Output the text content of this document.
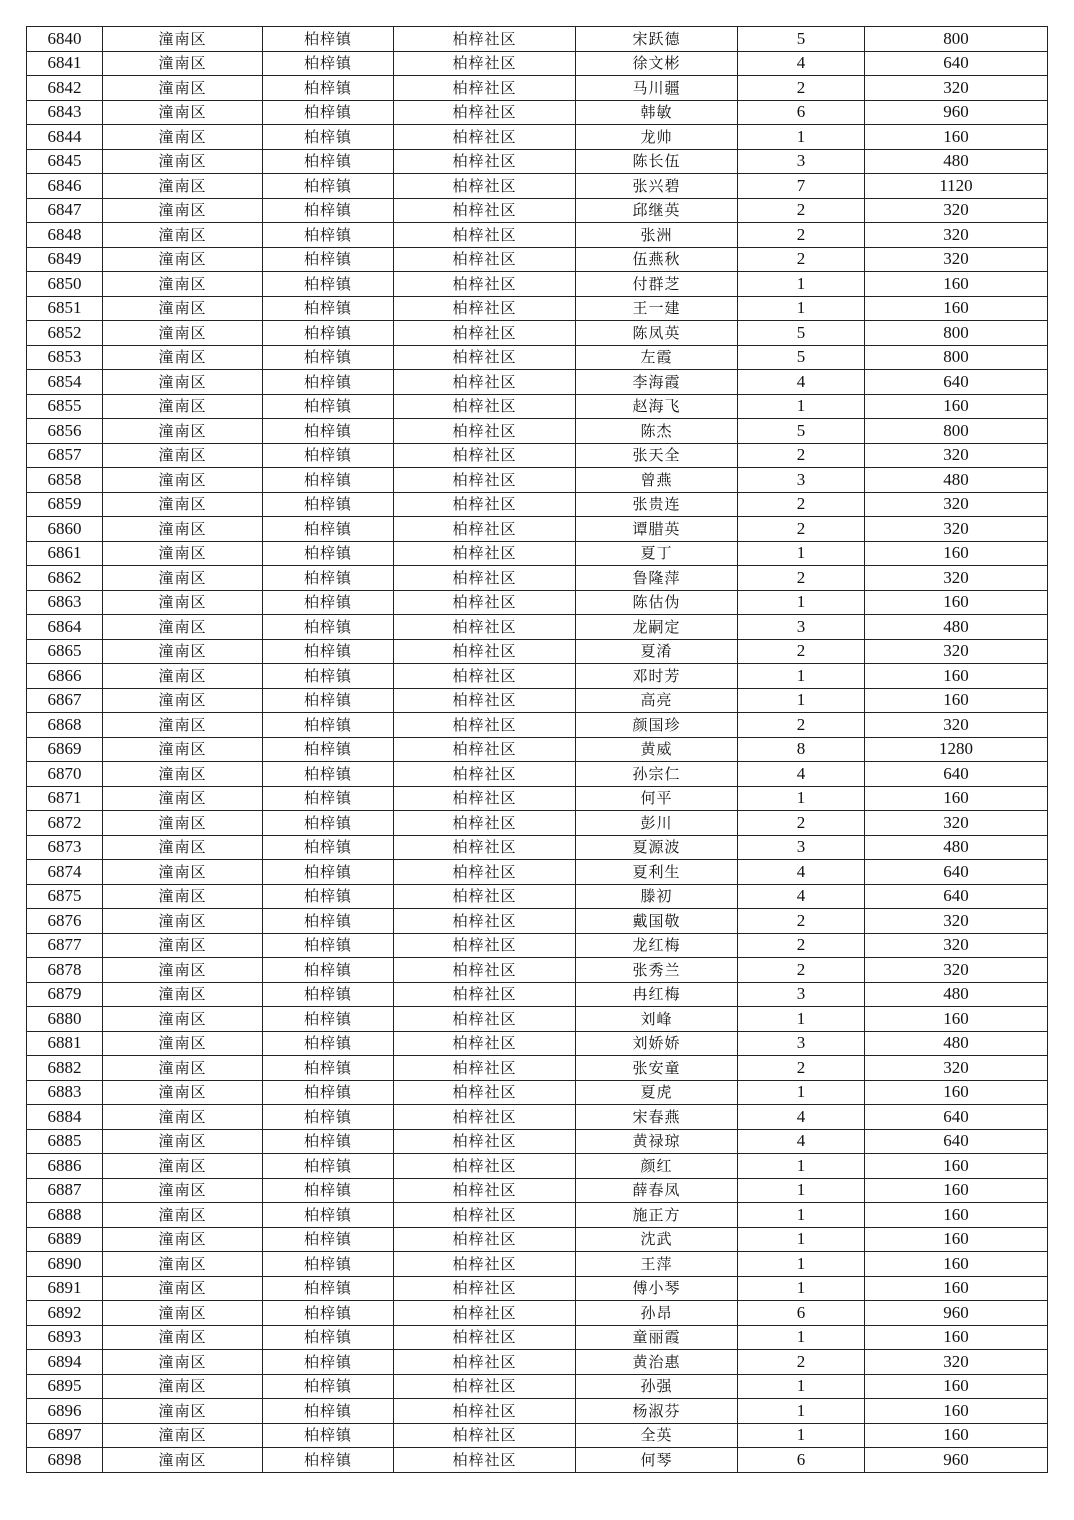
6840	潼南区	柏梓镇	柏梓社区	宋跃德	5	800
6841	潼南区	柏梓镇	柏梓社区	徐文彬	4	640
6842	潼南区	柏梓镇	柏梓社区	马川疆	2	320
6843	潼南区	柏梓镇	柏梓社区	韩敏	6	960
6844	潼南区	柏梓镇	柏梓社区	龙帅	1	160
6845	潼南区	柏梓镇	柏梓社区	陈长伍	3	480
6846	潼南区	柏梓镇	柏梓社区	张兴碧	7	1120
6847	潼南区	柏梓镇	柏梓社区	邱继英	2	320
6848	潼南区	柏梓镇	柏梓社区	张洲	2	320
6849	潼南区	柏梓镇	柏梓社区	伍燕秋	2	320
6850	潼南区	柏梓镇	柏梓社区	付群芝	1	160
6851	潼南区	柏梓镇	柏梓社区	王一建	1	160
6852	潼南区	柏梓镇	柏梓社区	陈凤英	5	800
6853	潼南区	柏梓镇	柏梓社区	左霞	5	800
6854	潼南区	柏梓镇	柏梓社区	李海霞	4	640
6855	潼南区	柏梓镇	柏梓社区	赵海飞	1	160
6856	潼南区	柏梓镇	柏梓社区	陈杰	5	800
6857	潼南区	柏梓镇	柏梓社区	张天全	2	320
6858	潼南区	柏梓镇	柏梓社区	曾燕	3	480
6859	潼南区	柏梓镇	柏梓社区	张贵连	2	320
6860	潼南区	柏梓镇	柏梓社区	谭腊英	2	320
6861	潼南区	柏梓镇	柏梓社区	夏丁	1	160
6862	潼南区	柏梓镇	柏梓社区	鲁隆萍	2	320
6863	潼南区	柏梓镇	柏梓社区	陈估伪	1	160
6864	潼南区	柏梓镇	柏梓社区	龙嗣定	3	480
6865	潼南区	柏梓镇	柏梓社区	夏淆	2	320
6866	潼南区	柏梓镇	柏梓社区	邓时芳	1	160
6867	潼南区	柏梓镇	柏梓社区	高亮	1	160
6868	潼南区	柏梓镇	柏梓社区	颜国珍	2	320
6869	潼南区	柏梓镇	柏梓社区	黄威	8	1280
6870	潼南区	柏梓镇	柏梓社区	孙宗仁	4	640
6871	潼南区	柏梓镇	柏梓社区	何平	1	160
6872	潼南区	柏梓镇	柏梓社区	彭川	2	320
6873	潼南区	柏梓镇	柏梓社区	夏源波	3	480
6874	潼南区	柏梓镇	柏梓社区	夏利生	4	640
6875	潼南区	柏梓镇	柏梓社区	滕初	4	640
6876	潼南区	柏梓镇	柏梓社区	戴国敬	2	320
6877	潼南区	柏梓镇	柏梓社区	龙红梅	2	320
6878	潼南区	柏梓镇	柏梓社区	张秀兰	2	320
6879	潼南区	柏梓镇	柏梓社区	冉红梅	3	480
6880	潼南区	柏梓镇	柏梓社区	刘峰	1	160
6881	潼南区	柏梓镇	柏梓社区	刘娇娇	3	480
6882	潼南区	柏梓镇	柏梓社区	张安童	2	320
6883	潼南区	柏梓镇	柏梓社区	夏虎	1	160
6884	潼南区	柏梓镇	柏梓社区	宋春燕	4	640
6885	潼南区	柏梓镇	柏梓社区	黄禄琼	4	640
6886	潼南区	柏梓镇	柏梓社区	颜红	1	160
6887	潼南区	柏梓镇	柏梓社区	薛春凤	1	160
6888	潼南区	柏梓镇	柏梓社区	施正方	1	160
6889	潼南区	柏梓镇	柏梓社区	沈武	1	160
6890	潼南区	柏梓镇	柏梓社区	王萍	1	160
6891	潼南区	柏梓镇	柏梓社区	傅小琴	1	160
6892	潼南区	柏梓镇	柏梓社区	孙昂	6	960
6893	潼南区	柏梓镇	柏梓社区	童丽霞	1	160
6894	潼南区	柏梓镇	柏梓社区	黄治惠	2	320
6895	潼南区	柏梓镇	柏梓社区	孙强	1	160
6896	潼南区	柏梓镇	柏梓社区	杨淑芬	1	160
6897	潼南区	柏梓镇	柏梓社区	全英	1	160
6898	潼南区	柏梓镇	柏梓社区	何琴	6	960
